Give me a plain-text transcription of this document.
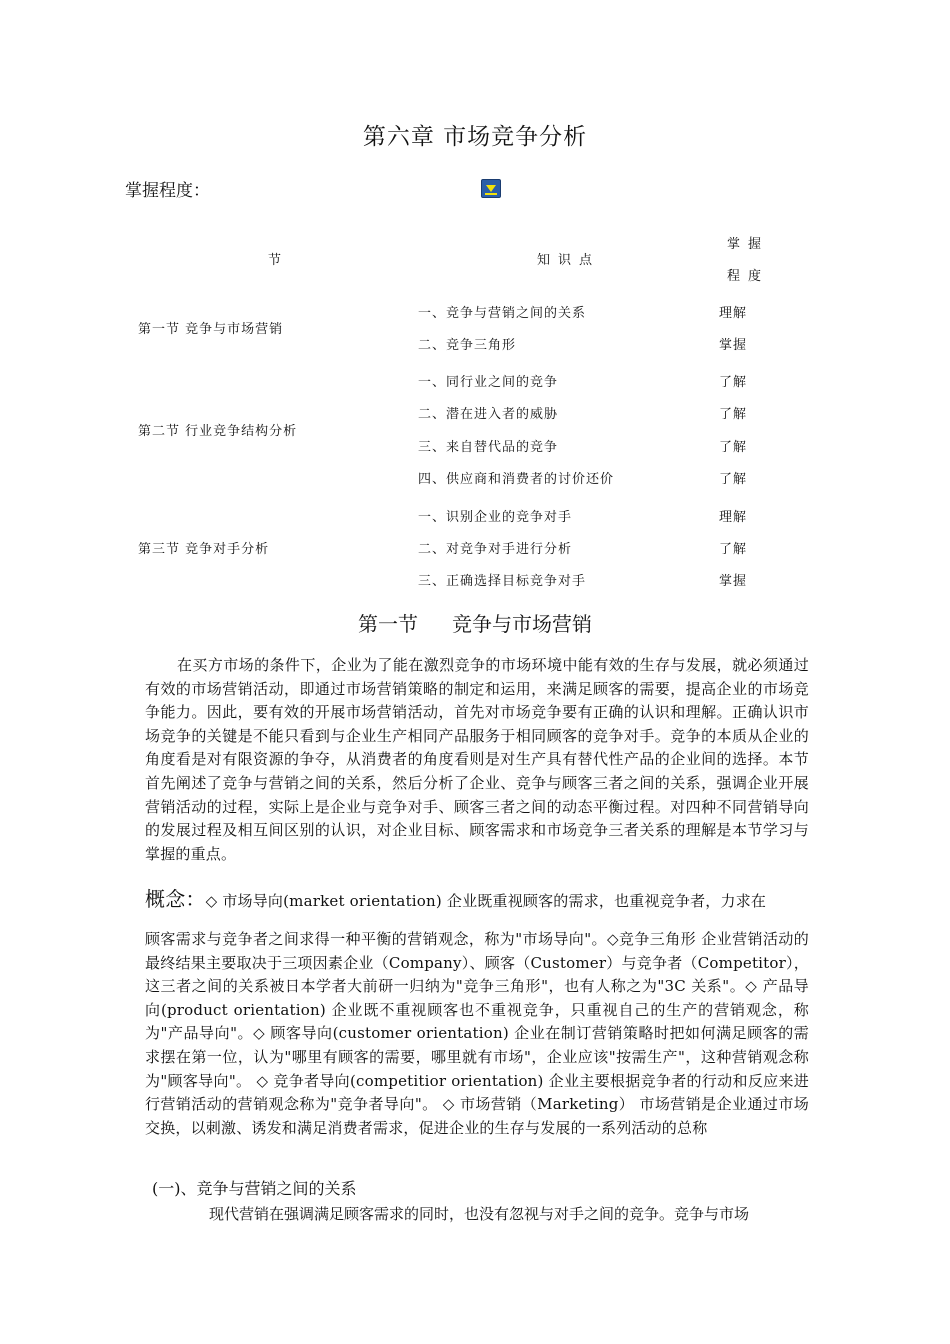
第六章 市场竞争分析
掌握程度：
节	知识点
掌握
程度
第一节 竞争与市场营销
一、竞争与营销之间的关系	理解
二、竞争三角形	掌握
第二节 行业竞争结构分析
一、同行业之间的竞争	了解
二、潜在进入者的威胁	了解
三、来自替代品的竞争	了解
四、供应商和消费者的讨价还价	了解
第三节 竞争对手分析
一、识别企业的竞争对手	理解
二、对竞争对手进行分析	了解
三、正确选择目标竞争对手	掌握
第一节 竞争与市场营销
在买方市场的条件下，企业为了能在激烈竞争的市场环境中能有效的生存与发展，就必须通过有效的市场营销活动，即通过市场营销策略的制定和运用，来满足顾客的需要，提高企业的市场竞争能力。因此，要有效的开展市场营销活动，首先对市场竞争要有正确的认识和理解。正确认识市场竞争的关键是不能只看到与企业生产相同产品服务于相同顾客的竞争对手。竞争的本质从企业的角度看是对有限资源的争夺，从消费者的角度看则是对生产具有替代性产品的企业间的选择。本节首先阐述了竞争与营销之间的关系，然后分析了企业、竞争与顾客三者之间的关系，强调企业开展营销活动的过程，实际上是企业与竞争对手、顾客三者之间的动态平衡过程。对四种不同营销导向的发展过程及相互间区别的认识，对企业目标、顾客需求和市场竞争三者关系的理解是本节学习与掌握的重点。
概念：◇ 市场导向(market orientation) 企业既重视顾客的需求，也重视竞争者，力求在
顾客需求与竞争者之间求得一种平衡的营销观念，称为"市场导向"。◇竞争三角形 企业营销活动的最终结果主要取决于三项因素企业（Company）、顾客（Customer）与竞争者（Competitor），这三者之间的关系被日本学者大前研一归纳为"竞争三角形"，也有人称之为"3C 关系"。◇ 产品导向(product orientation) 企业既不重视顾客也不重视竞争，只重视自己的生产的营销观念，称为"产品导向"。◇ 顾客导向(customer orientation) 企业在制订营销策略时把如何满足顾客的需求摆在第一位，认为"哪里有顾客的需要，哪里就有市场"，企业应该"按需生产"，这种营销观念称为"顾客导向"。 ◇ 竞争者导向(competitior orientation) 企业主要根据竞争者的行动和反应来进行营销活动的营销观念称为"竞争者导向"。 ◇ 市场营销（Marketing） 市场营销是企业通过市场交换，以刺激、诱发和满足消费者需求，促进企业的生存与发展的一系列活动的总称
(一)、竞争与营销之间的关系
现代营销在强调满足顾客需求的同时，也没有忽视与对手之间的竞争。竞争与市场
